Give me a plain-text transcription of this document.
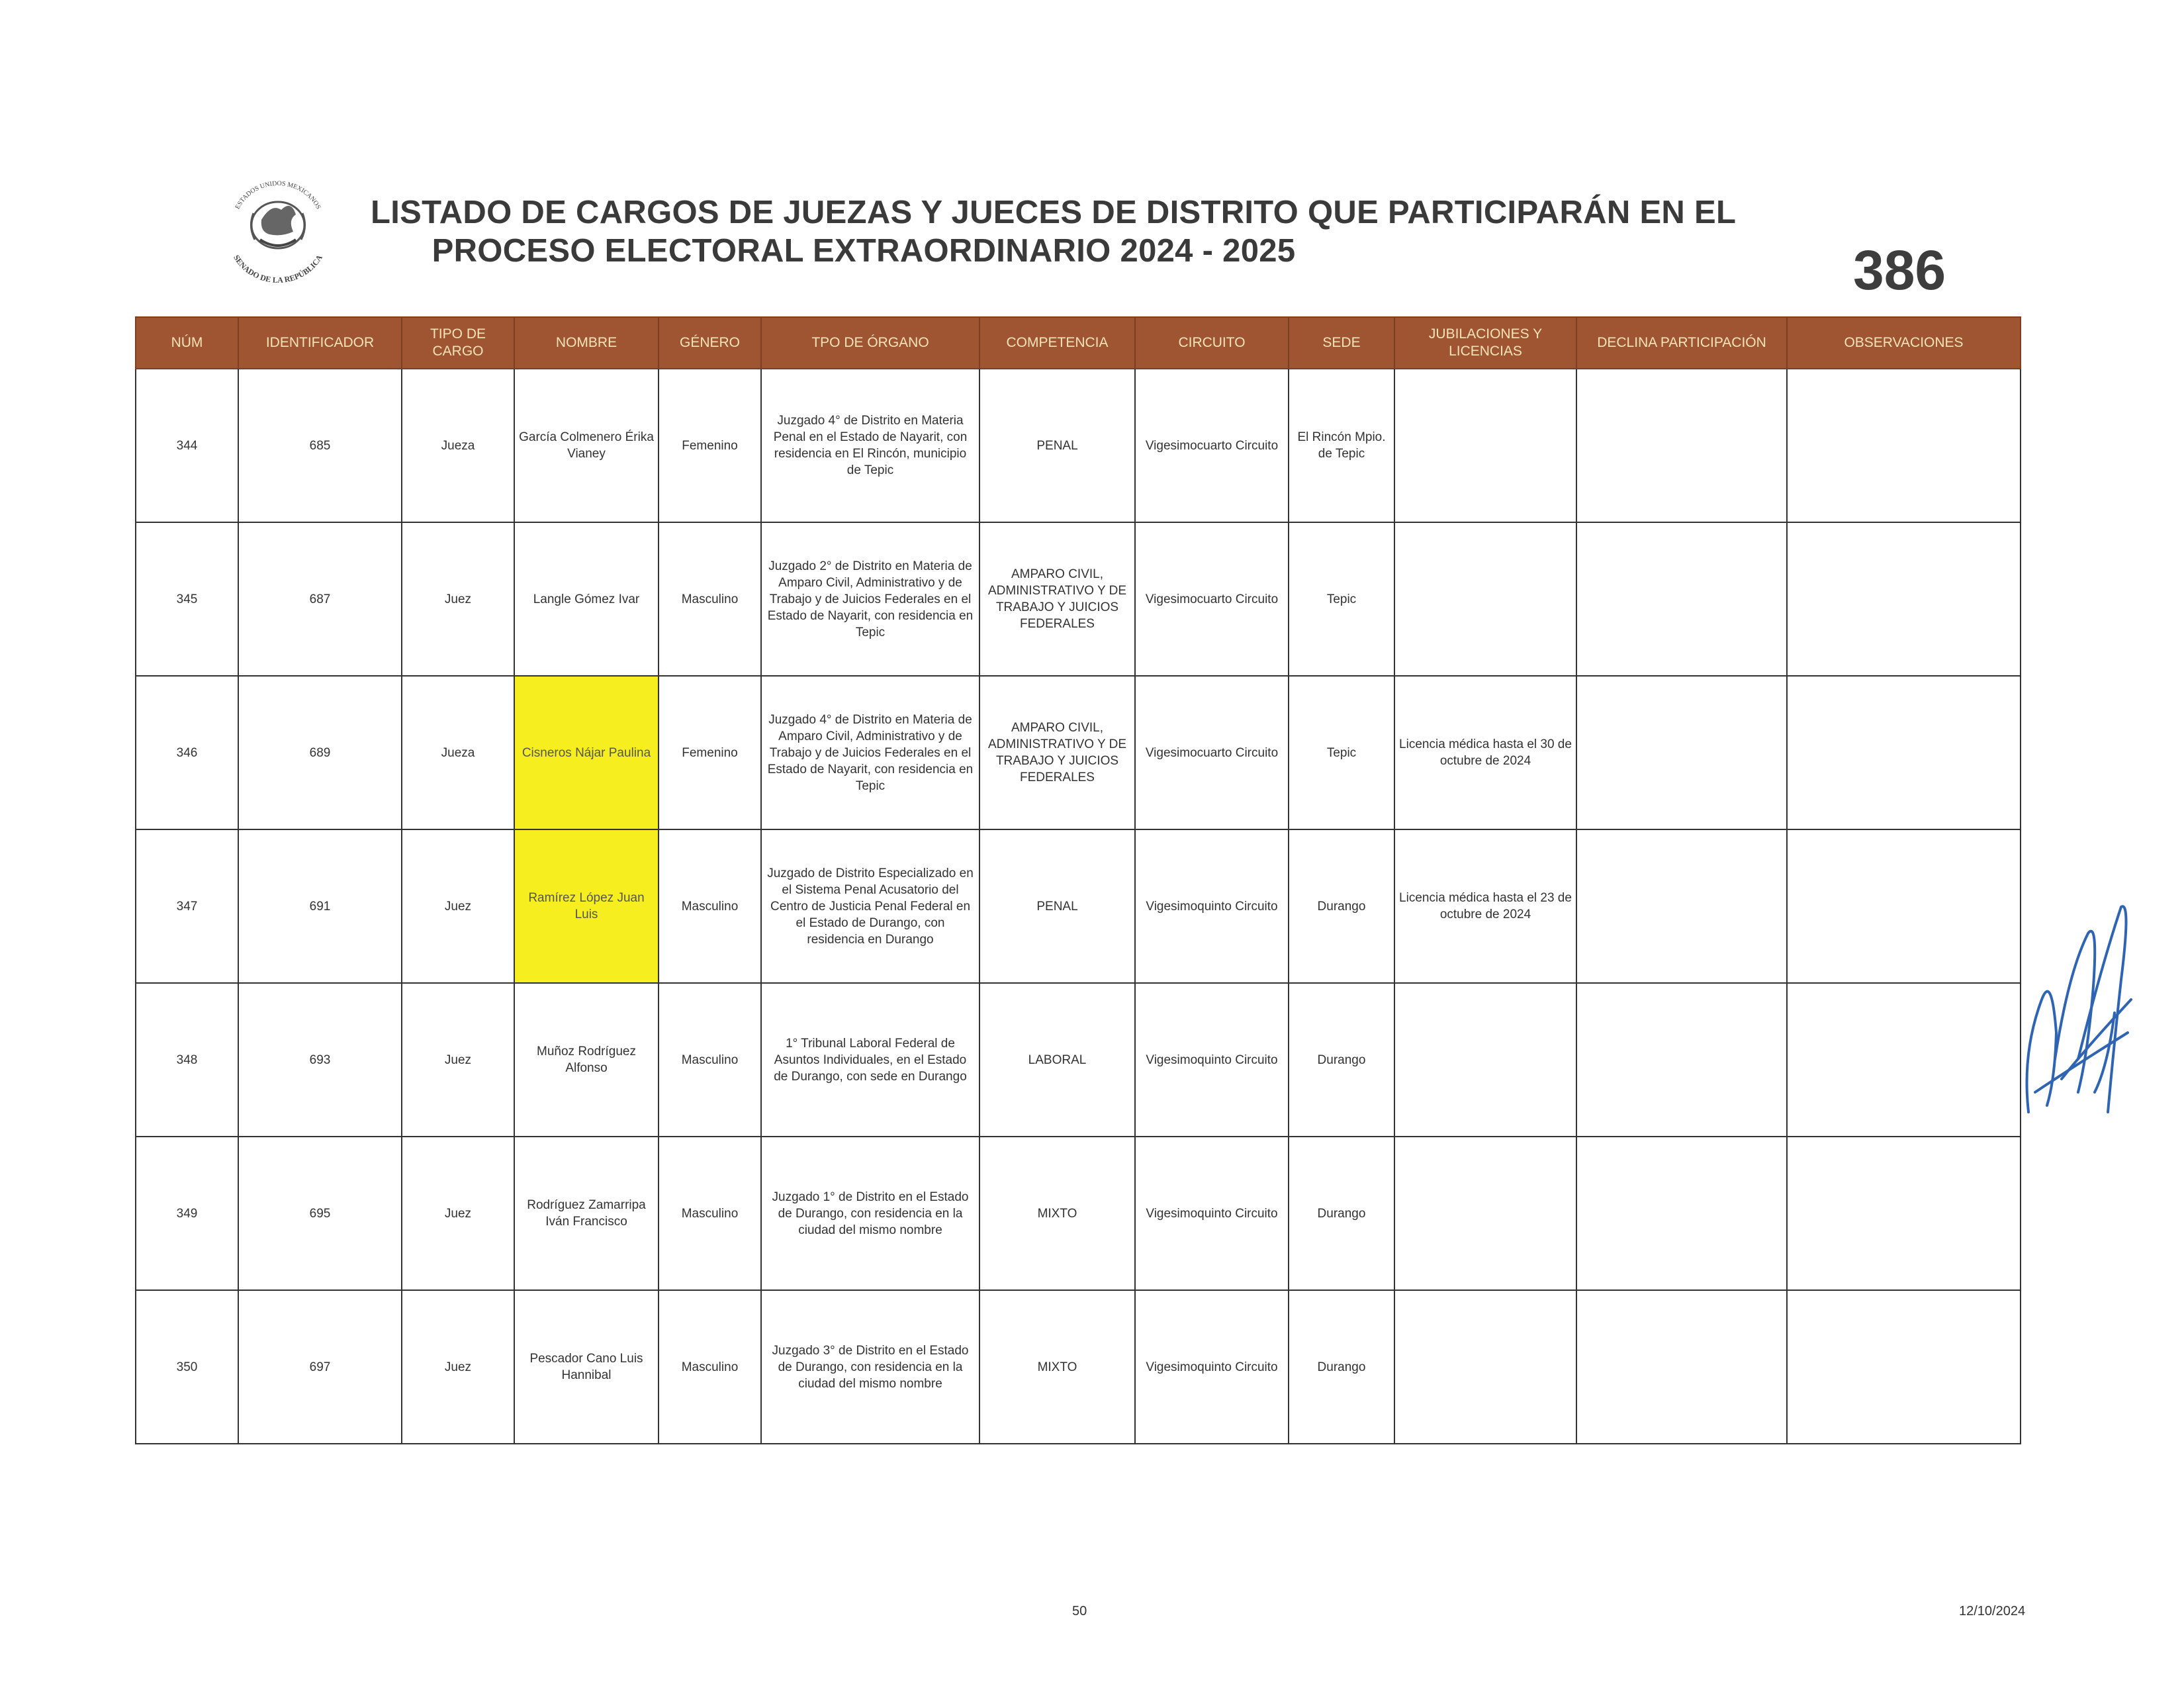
ESTADOS UNIDOS MEXICANOS
SENADO DE LA REPÚBLICA
LISTADO DE CARGOS DE JUEZAS Y JUECES DE DISTRITO QUE PARTICIPARÁN EN EL
PROCESO ELECTORAL EXTRAORDINARIO 2024 - 2025	386
NÚM	IDENTIFICADOR	TIPO DE CARGO	NOMBRE	GÉNERO	TPO DE ÓRGANO	COMPETENCIA	CIRCUITO	SEDE	JUBILACIONES Y LICENCIAS	DECLINA PARTICIPACIÓN	OBSERVACIONES
344	685	Jueza	García Colmenero Érika Vianey	Femenino	Juzgado 4° de Distrito en Materia Penal en el Estado de Nayarit, con residencia en El Rincón, municipio de Tepic	PENAL	Vigesimocuarto Circuito	El Rincón Mpio. de Tepic			
345	687	Juez	Langle Gómez Ivar	Masculino	Juzgado 2° de Distrito en Materia de Amparo Civil, Administrativo y de Trabajo y de Juicios Federales en el Estado de Nayarit, con residencia en Tepic	AMPARO CIVIL, ADMINISTRATIVO Y DE TRABAJO Y JUICIOS FEDERALES	Vigesimocuarto Circuito	Tepic			
346	689	Jueza	Cisneros Nájar Paulina	Femenino	Juzgado 4° de Distrito en Materia de Amparo Civil, Administrativo y de Trabajo y de Juicios Federales en el Estado de Nayarit, con residencia en Tepic	AMPARO CIVIL, ADMINISTRATIVO Y DE TRABAJO Y JUICIOS FEDERALES	Vigesimocuarto Circuito	Tepic	Licencia médica hasta el 30 de octubre de 2024		
347	691	Juez	Ramírez López Juan Luis	Masculino	Juzgado de Distrito Especializado en el Sistema Penal Acusatorio del Centro de Justicia Penal Federal en el Estado de Durango, con residencia en Durango	PENAL	Vigesimoquinto Circuito	Durango	Licencia médica hasta el 23 de octubre de 2024		
348	693	Juez	Muñoz Rodríguez Alfonso	Masculino	1° Tribunal Laboral Federal de Asuntos Individuales, en el Estado de Durango, con sede en Durango	LABORAL	Vigesimoquinto Circuito	Durango			
349	695	Juez	Rodríguez Zamarripa Iván Francisco	Masculino	Juzgado 1° de Distrito en el Estado de Durango, con residencia en la ciudad del mismo nombre	MIXTO	Vigesimoquinto Circuito	Durango			
350	697	Juez	Pescador Cano Luis Hannibal	Masculino	Juzgado 3° de Distrito en el Estado de Durango, con residencia en la ciudad del mismo nombre	MIXTO	Vigesimoquinto Circuito	Durango			
50	12/10/2024
